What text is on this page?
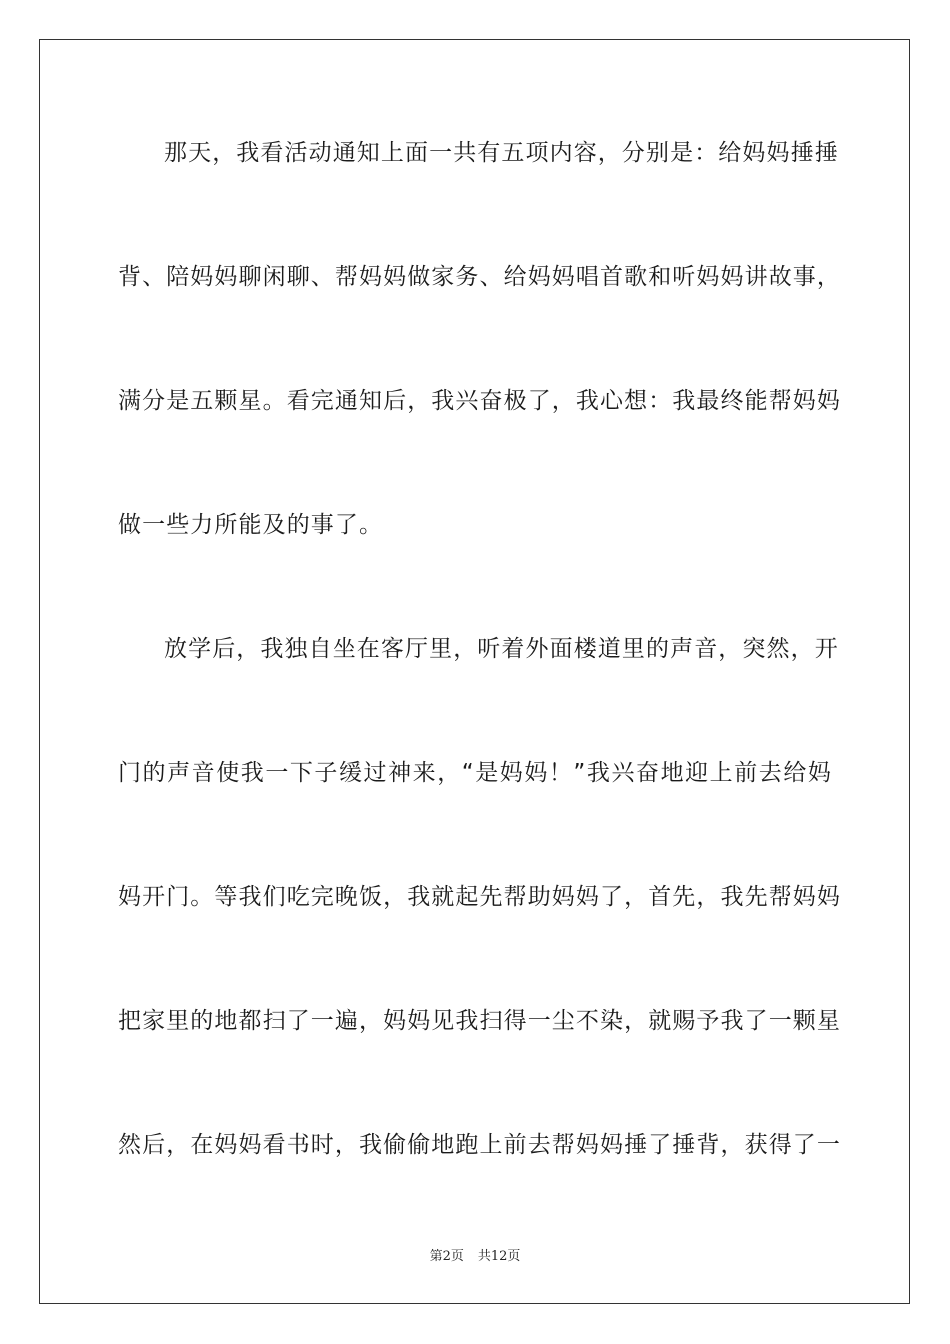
那天，我看活动通知上面一共有五项内容，分别是：给妈妈捶捶
背、陪妈妈聊闲聊、帮妈妈做家务、给妈妈唱首歌和听妈妈讲故事，
满分是五颗星。看完通知后，我兴奋极了，我心想：我最终能帮妈妈
做一些力所能及的事了。
放学后，我独自坐在客厅里，听着外面楼道里的声音，突然，开
门的声音使我一下子缓过神来，“是妈妈！”我兴奋地迎上前去给妈
妈开门。等我们吃完晚饭，我就起先帮助妈妈了，首先，我先帮妈妈
把家里的地都扫了一遍，妈妈见我扫得一尘不染，就赐予我了一颗星
然后，在妈妈看书时，我偷偷地跑上前去帮妈妈捶了捶背，获得了一
第2页 共12页
